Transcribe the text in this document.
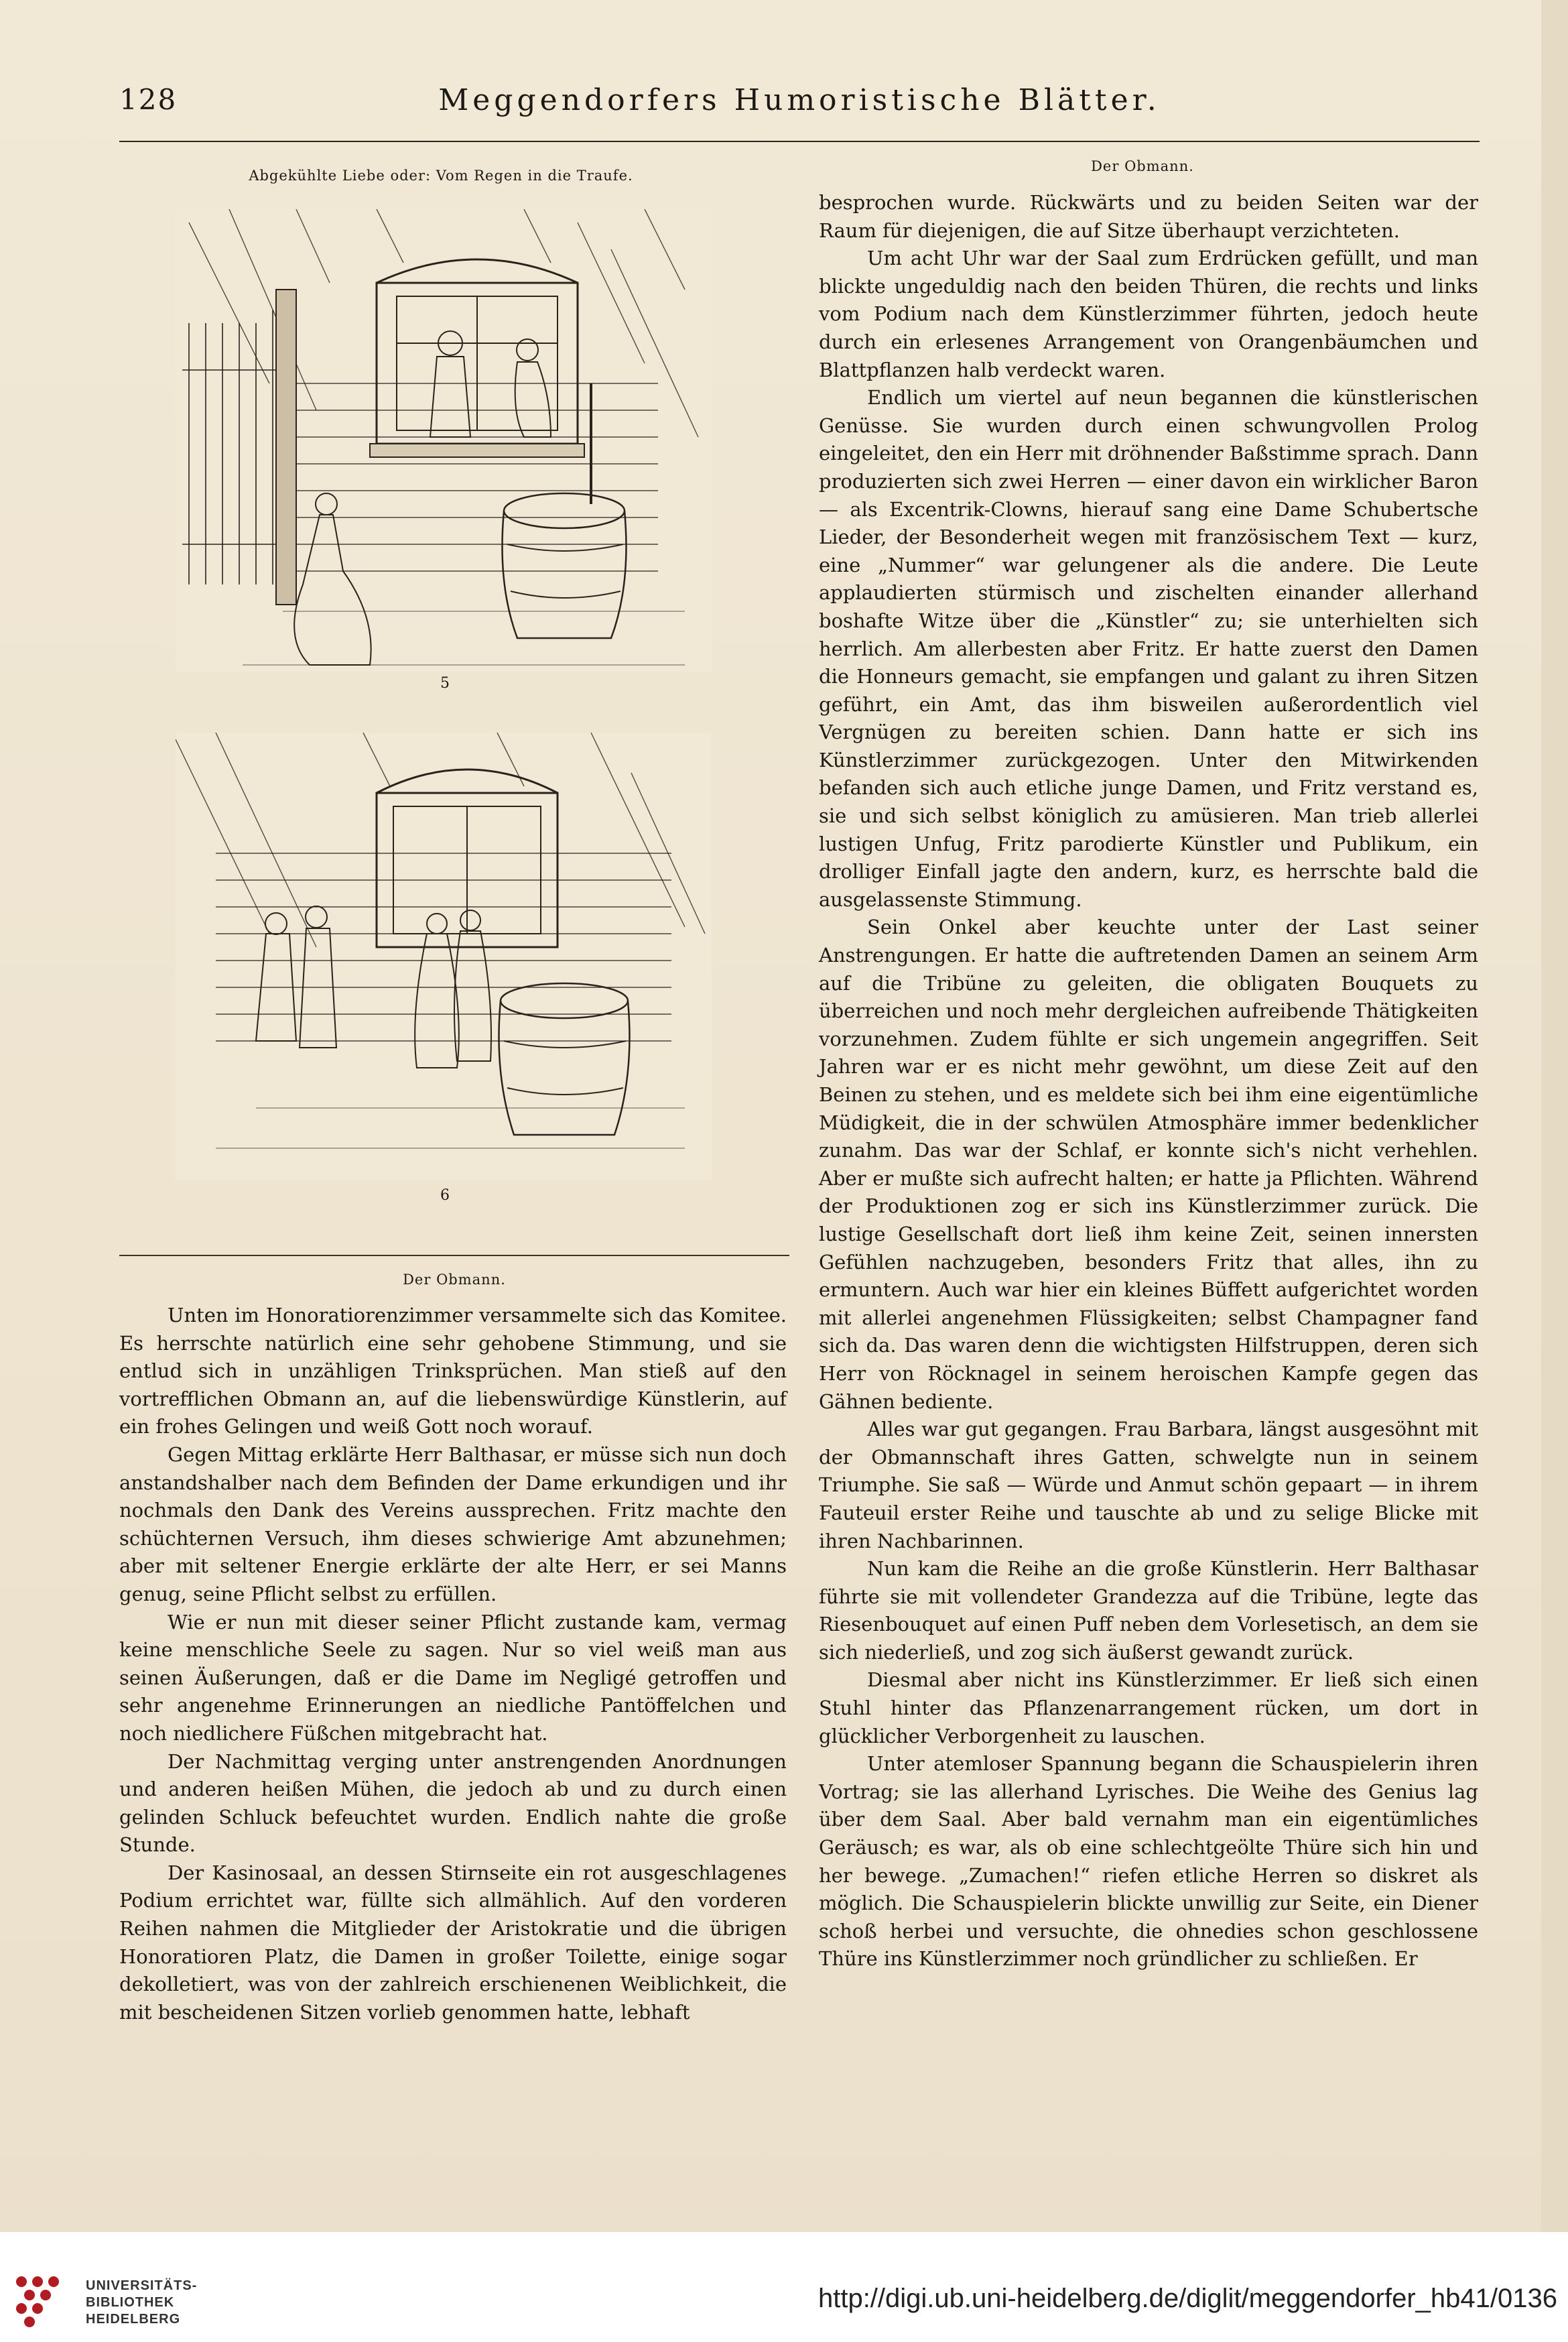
128	Meggendorfers Humoristische Blätter.
Abgekühlte Liebe oder: Vom Regen in die Traufe.
5
6
Der Obmann.

Unten im Honoratiorenzimmer versammelte sich das Komitee. Es herrschte natürlich eine sehr gehobene Stimmung, und sie entlud sich in unzähligen Trinksprüchen. Man stieß auf den vortrefflichen Obmann an, auf die liebenswürdige Künstlerin, auf ein frohes Gelingen und weiß Gott noch worauf.

Gegen Mittag erklärte Herr Balthasar, er müsse sich nun doch anstandshalber nach dem Befinden der Dame erkundigen und ihr nochmals den Dank des Vereins aussprechen. Fritz machte den schüchternen Versuch, ihm dieses schwierige Amt abzunehmen; aber mit seltener Energie erklärte der alte Herr, er sei Manns genug, seine Pflicht selbst zu erfüllen.

Wie er nun mit dieser seiner Pflicht zustande kam, vermag keine menschliche Seele zu sagen. Nur so viel weiß man aus seinen Äußerungen, daß er die Dame im Negligé getroffen und sehr angenehme Erinnerungen an niedliche Pantöffelchen und noch niedlichere Füßchen mitgebracht hat.

Der Nachmittag verging unter anstrengenden Anordnungen und anderen heißen Mühen, die jedoch ab und zu durch einen gelinden Schluck befeuchtet wurden. Endlich nahte die große Stunde.

Der Kasinosaal, an dessen Stirnseite ein rot ausgeschlagenes Podium errichtet war, füllte sich allmählich. Auf den vorderen Reihen nahmen die Mitglieder der Aristokratie und die übrigen Honoratioren Platz, die Damen in großer Toilette, einige sogar dekolletiert, was von der zahlreich erschienenen Weiblichkeit, die mit bescheidenen Sitzen vorlieb genommen hatte, lebhaft

Der Obmann.

besprochen wurde. Rückwärts und zu beiden Seiten war der Raum für diejenigen, die auf Sitze überhaupt verzichteten.

Um acht Uhr war der Saal zum Erdrücken gefüllt, und man blickte ungeduldig nach den beiden Thüren, die rechts und links vom Podium nach dem Künstlerzimmer führten, jedoch heute durch ein erlesenes Arrangement von Orangenbäumchen und Blattpflanzen halb verdeckt waren.

Endlich um viertel auf neun begannen die künstlerischen Genüsse. Sie wurden durch einen schwungvollen Prolog eingeleitet, den ein Herr mit dröhnender Baßstimme sprach. Dann produzierten sich zwei Herren — einer davon ein wirklicher Baron — als Excentrik-Clowns, hierauf sang eine Dame Schubertsche Lieder, der Besonderheit wegen mit französischem Text — kurz, eine „Nummer“ war gelungener als die andere. Die Leute applaudierten stürmisch und zischelten einander allerhand boshafte Witze über die „Künstler“ zu; sie unterhielten sich herrlich. Am allerbesten aber Fritz. Er hatte zuerst den Damen die Honneurs gemacht, sie empfangen und galant zu ihren Sitzen geführt, ein Amt, das ihm bisweilen außerordentlich viel Vergnügen zu bereiten schien. Dann hatte er sich ins Künstlerzimmer zurückgezogen. Unter den Mitwirkenden befanden sich auch etliche junge Damen, und Fritz verstand es, sie und sich selbst königlich zu amüsieren. Man trieb allerlei lustigen Unfug, Fritz parodierte Künstler und Publikum, ein drolliger Einfall jagte den andern, kurz, es herrschte bald die ausgelassenste Stimmung.

Sein Onkel aber keuchte unter der Last seiner Anstrengungen. Er hatte die auftretenden Damen an seinem Arm auf die Tribüne zu geleiten, die obligaten Bouquets zu überreichen und noch mehr dergleichen aufreibende Thätigkeiten vorzunehmen. Zudem fühlte er sich ungemein angegriffen. Seit Jahren war er es nicht mehr gewöhnt, um diese Zeit auf den Beinen zu stehen, und es meldete sich bei ihm eine eigentümliche Müdigkeit, die in der schwülen Atmosphäre immer bedenklicher zunahm. Das war der Schlaf, er konnte sich's nicht verhehlen. Aber er mußte sich aufrecht halten; er hatte ja Pflichten. Während der Produktionen zog er sich ins Künstlerzimmer zurück. Die lustige Gesellschaft dort ließ ihm keine Zeit, seinen innersten Gefühlen nachzugeben, besonders Fritz that alles, ihn zu ermuntern. Auch war hier ein kleines Büffett aufgerichtet worden mit allerlei angenehmen Flüssigkeiten; selbst Champagner fand sich da. Das waren denn die wichtigsten Hilfstruppen, deren sich Herr von Röcknagel in seinem heroischen Kampfe gegen das Gähnen bediente.

Alles war gut gegangen. Frau Barbara, längst ausgesöhnt mit der Obmannschaft ihres Gatten, schwelgte nun in seinem Triumphe. Sie saß — Würde und Anmut schön gepaart — in ihrem Fauteuil erster Reihe und tauschte ab und zu selige Blicke mit ihren Nachbarinnen.

Nun kam die Reihe an die große Künstlerin. Herr Balthasar führte sie mit vollendeter Grandezza auf die Tribüne, legte das Riesenbouquet auf einen Puff neben dem Vorlesetisch, an dem sie sich niederließ, und zog sich äußerst gewandt zurück.

Diesmal aber nicht ins Künstlerzimmer. Er ließ sich einen Stuhl hinter das Pflanzenarrangement rücken, um dort in glücklicher Verborgenheit zu lauschen.

Unter atemloser Spannung begann die Schauspielerin ihren Vortrag; sie las allerhand Lyrisches. Die Weihe des Genius lag über dem Saal. Aber bald vernahm man ein eigentümliches Geräusch; es war, als ob eine schlechtgeölte Thüre sich hin und her bewege. „Zumachen!“ riefen etliche Herren so diskret als möglich. Die Schauspielerin blickte unwillig zur Seite, ein Diener schoß herbei und versuchte, die ohnedies schon geschlossene Thüre ins Künstlerzimmer noch gründlicher zu schließen. Er

UNIVERSITÄTS-
BIBLIOTHEK
HEIDELBERG
http://digi.ub.uni-heidelberg.de/diglit/meggendorfer_hb41/0136
